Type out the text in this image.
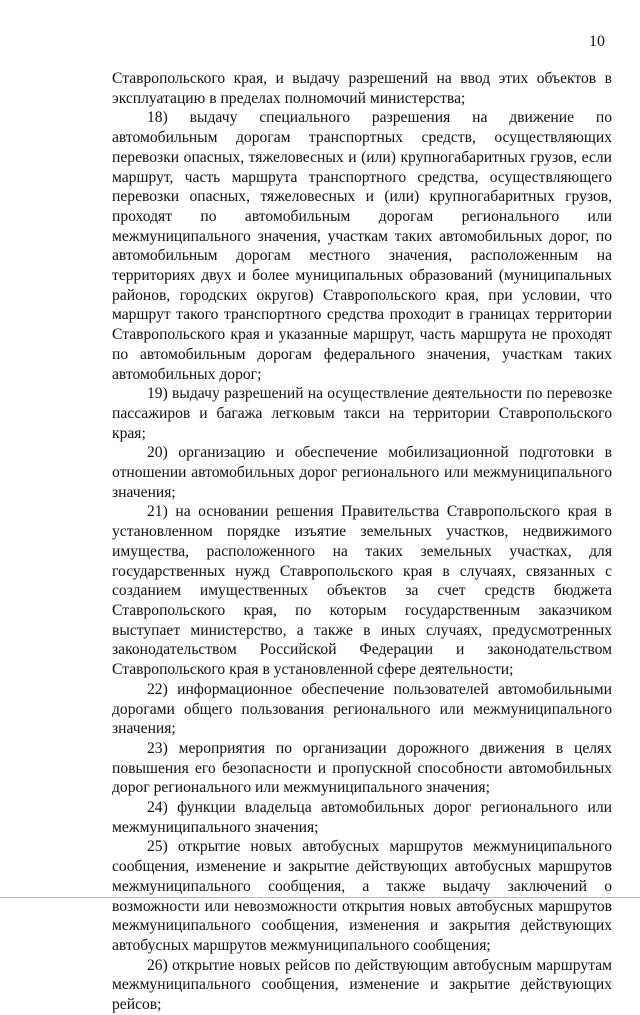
10

Ставропольского края, и выдачу разрешений на ввод этих объектов в эксплуатацию в пределах полномочий министерства;

18) выдачу специального разрешения на движение по автомобильным дорогам транспортных средств, осуществляющих перевозки опасных, тяжеловесных и (или) крупногабаритных грузов, если маршрут, часть маршрута транспортного средства, осуществляющего перевозки опасных, тяжеловесных и (или) крупногабаритных грузов, проходят по автомобильным дорогам регионального или межмуниципального значения, участкам таких автомобильных дорог, по автомобильным дорогам местного значения, расположенным на территориях двух и более муниципальных образований (муниципальных районов, городских округов) Ставропольского края, при условии, что маршрут такого транспортного средства проходит в границах территории Ставропольского края и указанные маршрут, часть маршрута не проходят по автомобильным дорогам федерального значения, участкам таких автомобильных дорог;

19) выдачу разрешений на осуществление деятельности по перевозке пассажиров и багажа легковым такси на территории Ставропольского края;

20) организацию и обеспечение мобилизационной подготовки в отношении автомобильных дорог регионального или межмуниципального значения;

21) на основании решения Правительства Ставропольского края в установленном порядке изъятие земельных участков, недвижимого имущества, расположенного на таких земельных участках, для государственных нужд Ставропольского края в случаях, связанных с созданием имущественных объектов за счет средств бюджета Ставропольского края, по которым государственным заказчиком выступает министерство, а также в иных случаях, предусмотренных законодательством Российской Федерации и законодательством Ставропольского края в установленной сфере деятельности;

22) информационное обеспечение пользователей автомобильными дорогами общего пользования регионального или межмуниципального значения;

23) мероприятия по организации дорожного движения в целях повышения его безопасности и пропускной способности автомобильных дорог регионального или межмуниципального значения;

24) функции владельца автомобильных дорог регионального или межмуниципального значения;

25) открытие новых автобусных маршрутов межмуниципального сообщения, изменение и закрытие действующих автобусных маршрутов межмуниципального сообщения, а также выдачу заключений о возможности или невозможности открытия новых автобусных маршрутов межмуниципального сообщения, изменения и закрытия действующих автобусных маршрутов межмуниципального сообщения;

26) открытие новых рейсов по действующим автобусным маршрутам межмуниципального сообщения, изменение и закрытие действующих рейсов;
